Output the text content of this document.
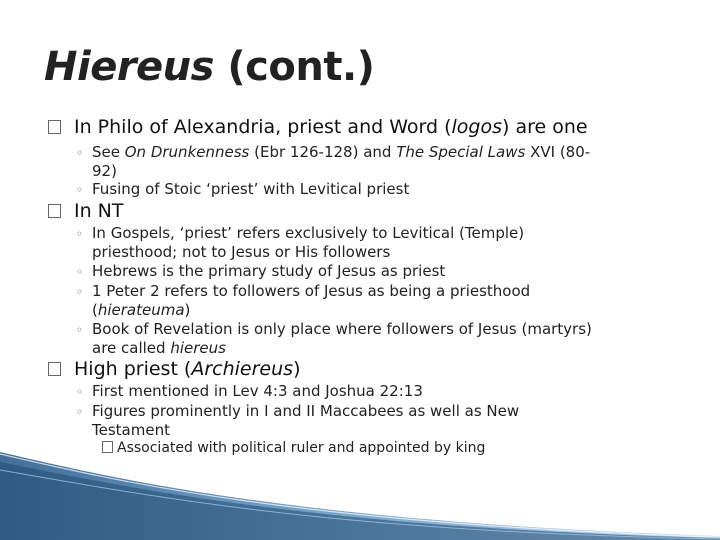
Hiereus (cont.)
In Philo of Alexandria, priest and Word (logos) are one
◦ See On Drunkenness (Ebr 126-128) and The Special Laws XVI (80-
92)
◦ Fusing of Stoic ‘priest’ with Levitical priest
In NT
◦ In Gospels, ‘priest’ refers exclusively to Levitical (Temple)
priesthood; not to Jesus or His followers
◦ Hebrews is the primary study of Jesus as priest
◦ 1 Peter 2 refers to followers of Jesus as being a priesthood
(hierateuma)
◦ Book of Revelation is only place where followers of Jesus (martyrs)
are called hiereus
High priest (Archiereus)
◦ First mentioned in Lev 4:3 and Joshua 22:13
◦ Figures prominently in I and II Maccabees as well as New
Testament
Associated with political ruler and appointed by king
